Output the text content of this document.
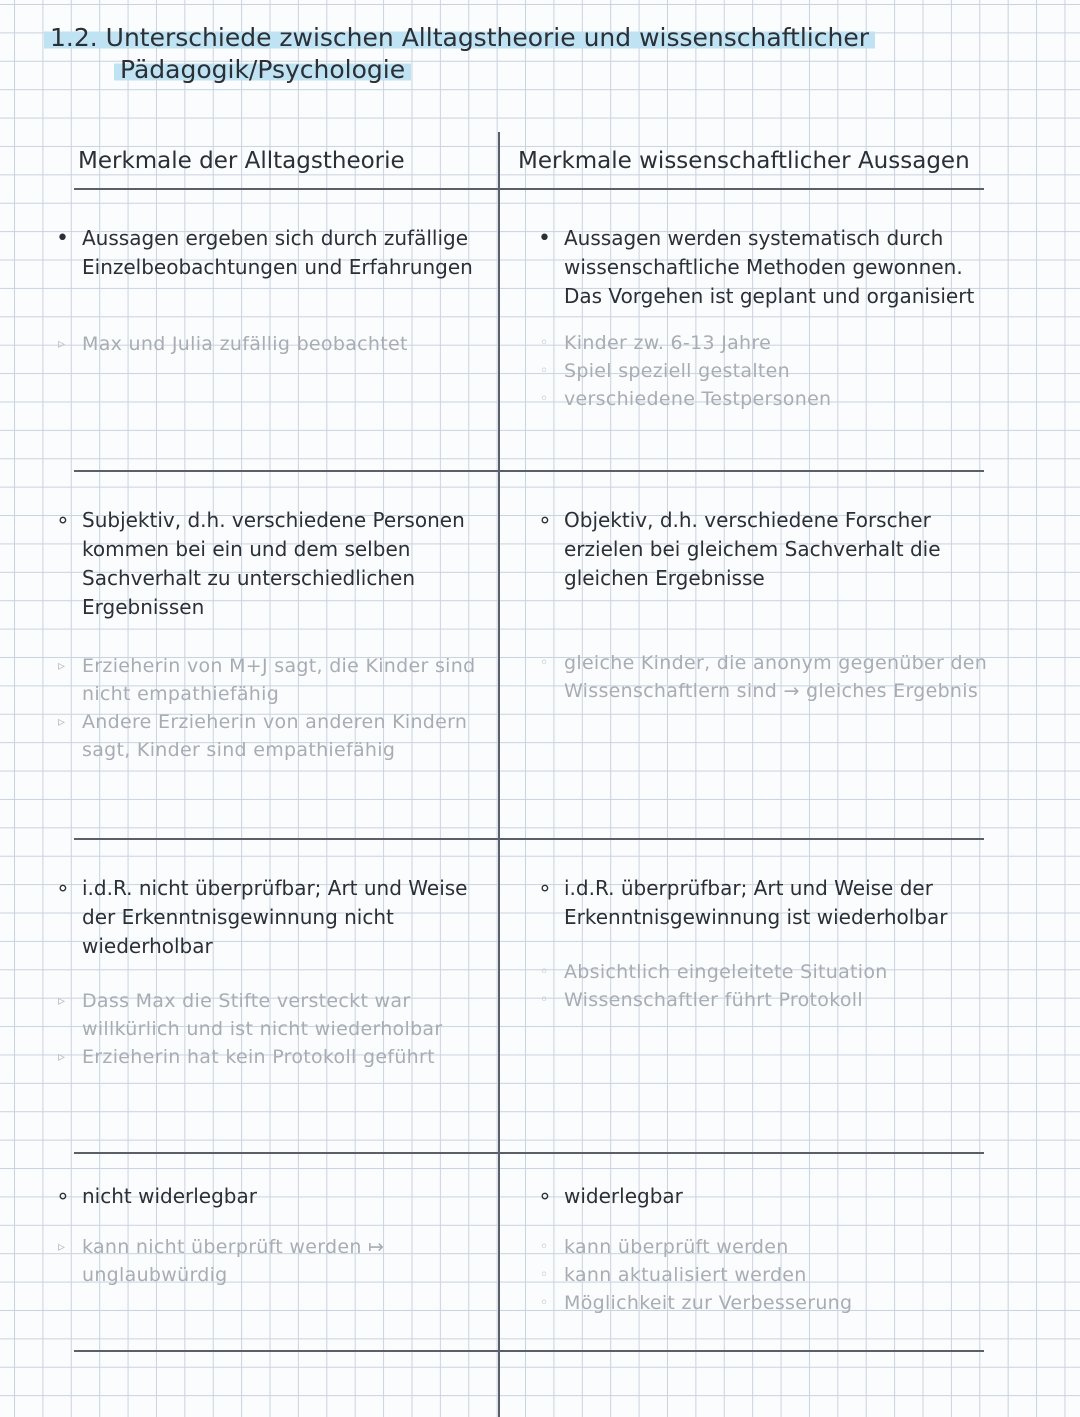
1.2. Unterschiede zwischen Alltagstheorie und wissenschaftlicher
Pädagogik/Psychologie
Merkmale der Alltagstheorie	Merkmale wissenschaftlicher Aussagen
• Aussagen ergeben sich durch zufällige Einzelbeobachtungen und Erfahrungen
▹ Max und Julia zufällig beobachtet
• Aussagen werden systematisch durch wissenschaftliche Methoden gewonnen. Das Vorgehen ist geplant und organisiert
◦ Kinder zw. 6-13 Jahre
◦ Spiel speziell gestalten
◦ verschiedene Testpersonen
∘ Subjektiv, d.h. verschiedene Personen kommen bei ein und dem selben Sachverhalt zu unterschiedlichen Ergebnissen
▹ Erzieherin von M+J sagt, die Kinder sind nicht empathiefähig
▹ Andere Erzieherin von anderen Kindern sagt, Kinder sind empathiefähig
∘ Objektiv, d.h. verschiedene Forscher erzielen bei gleichem Sachverhalt die gleichen Ergebnisse
◦ gleiche Kinder, die anonym gegenüber den Wissenschaftlern sind → gleiches Ergebnis
∘ i.d.R. nicht überprüfbar; Art und Weise der Erkenntnisgewinnung nicht wiederholbar
▹ Dass Max die Stifte versteckt war willkürlich und ist nicht wiederholbar
▹ Erzieherin hat kein Protokoll geführt
∘ i.d.R. überprüfbar; Art und Weise der Erkenntnisgewinnung ist wiederholbar
◦ Absichtlich eingeleitete Situation
◦ Wissenschaftler führt Protokoll
∘ nicht widerlegbar
▹ kann nicht überprüft werden ↦ unglaubwürdig
∘ widerlegbar
◦ kann überprüft werden
◦ kann aktualisiert werden
◦ Möglichkeit zur Verbesserung
